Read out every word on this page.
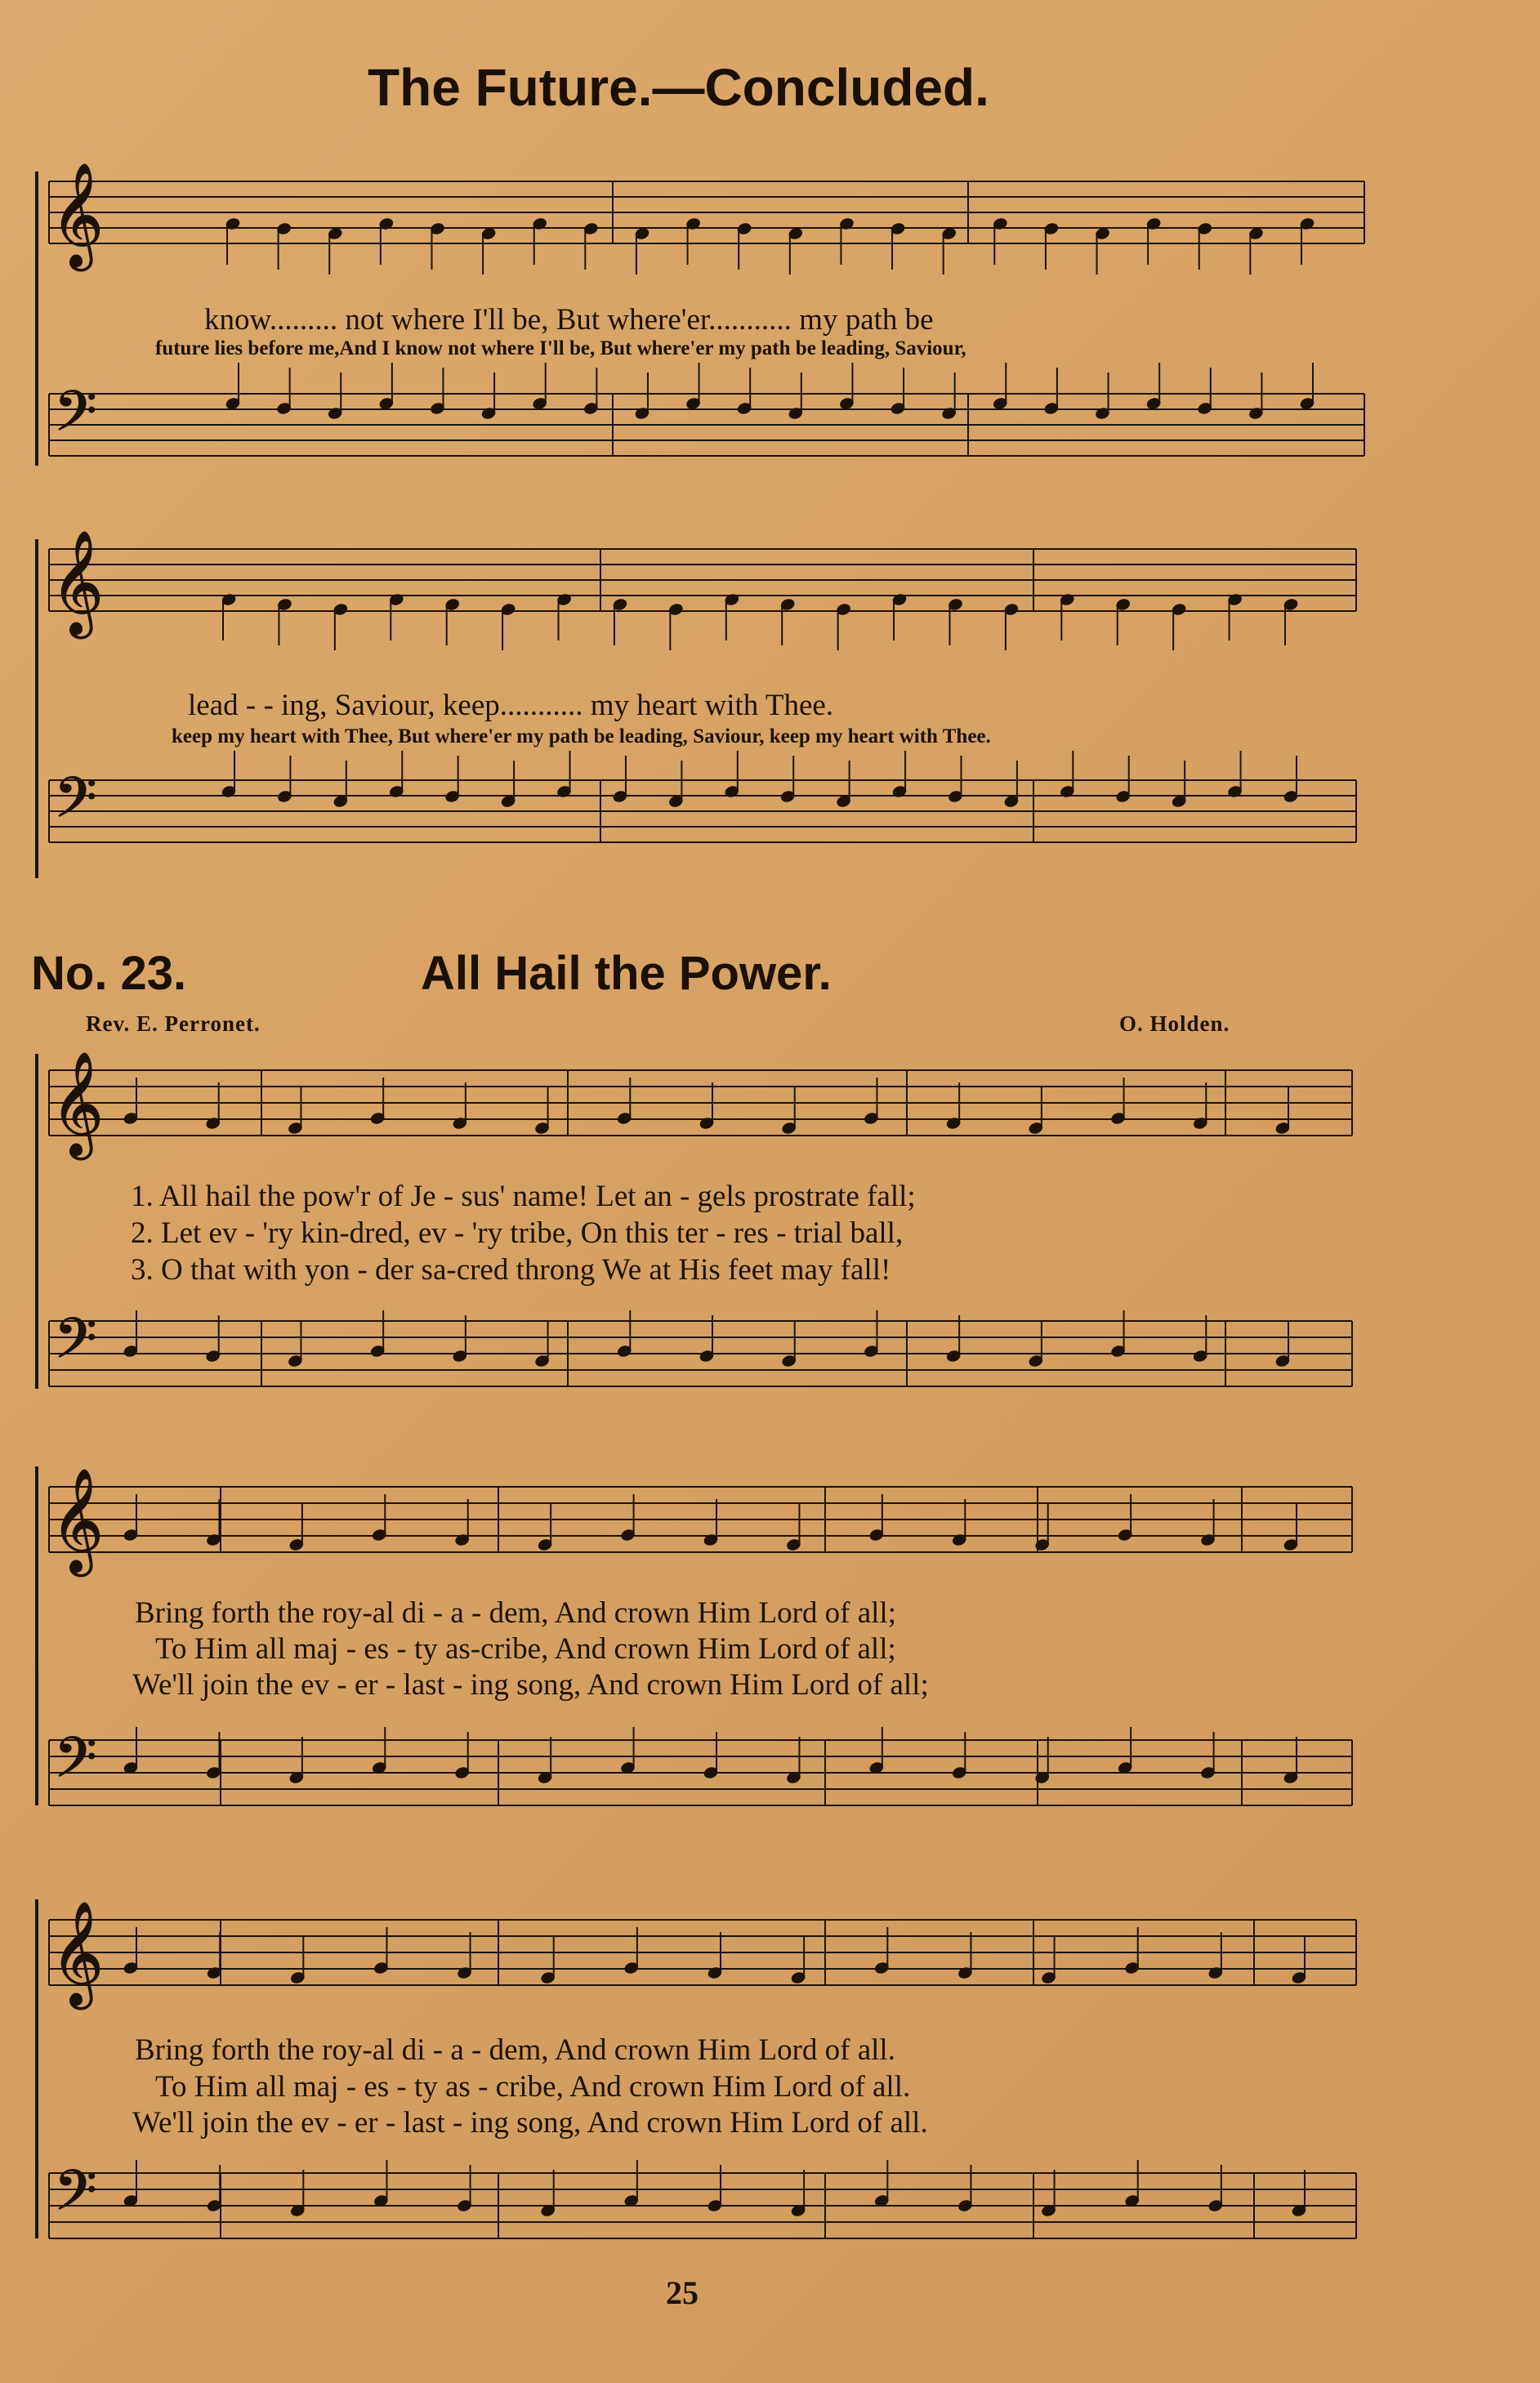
The Future.—Concluded.
𝄞
𝄞
𝄞
𝄞
𝄞
𝄢
𝄢
𝄢
𝄢
𝄢
know......... not where I'll be, But where'er........... my path be
future lies before me,And I know not where I'll be, But where'er my path be leading, Saviour,
lead - - ing, Saviour, keep........... my heart with Thee.
keep my heart with Thee, But where'er my path be leading, Saviour, keep my heart with Thee.
No. 23.	All Hail the Power.
Rev. E. Perronet.	O. Holden.
1. All hail the pow'r of Je - sus' name! Let an - gels prostrate fall;
2. Let ev - 'ry kin-dred, ev - 'ry tribe, On this ter - res - trial ball,
3. O that with yon - der sa-cred throng We at His feet may fall!
Bring forth the roy-al di - a - dem, And crown Him Lord of all;
To Him all maj - es - ty as-cribe, And crown Him Lord of all;
We'll join the ev - er - last - ing song, And crown Him Lord of all;
Bring forth the roy-al di - a - dem, And crown Him Lord of all.
To Him all maj - es - ty as - cribe, And crown Him Lord of all.
We'll join the ev - er - last - ing song, And crown Him Lord of all.
25
